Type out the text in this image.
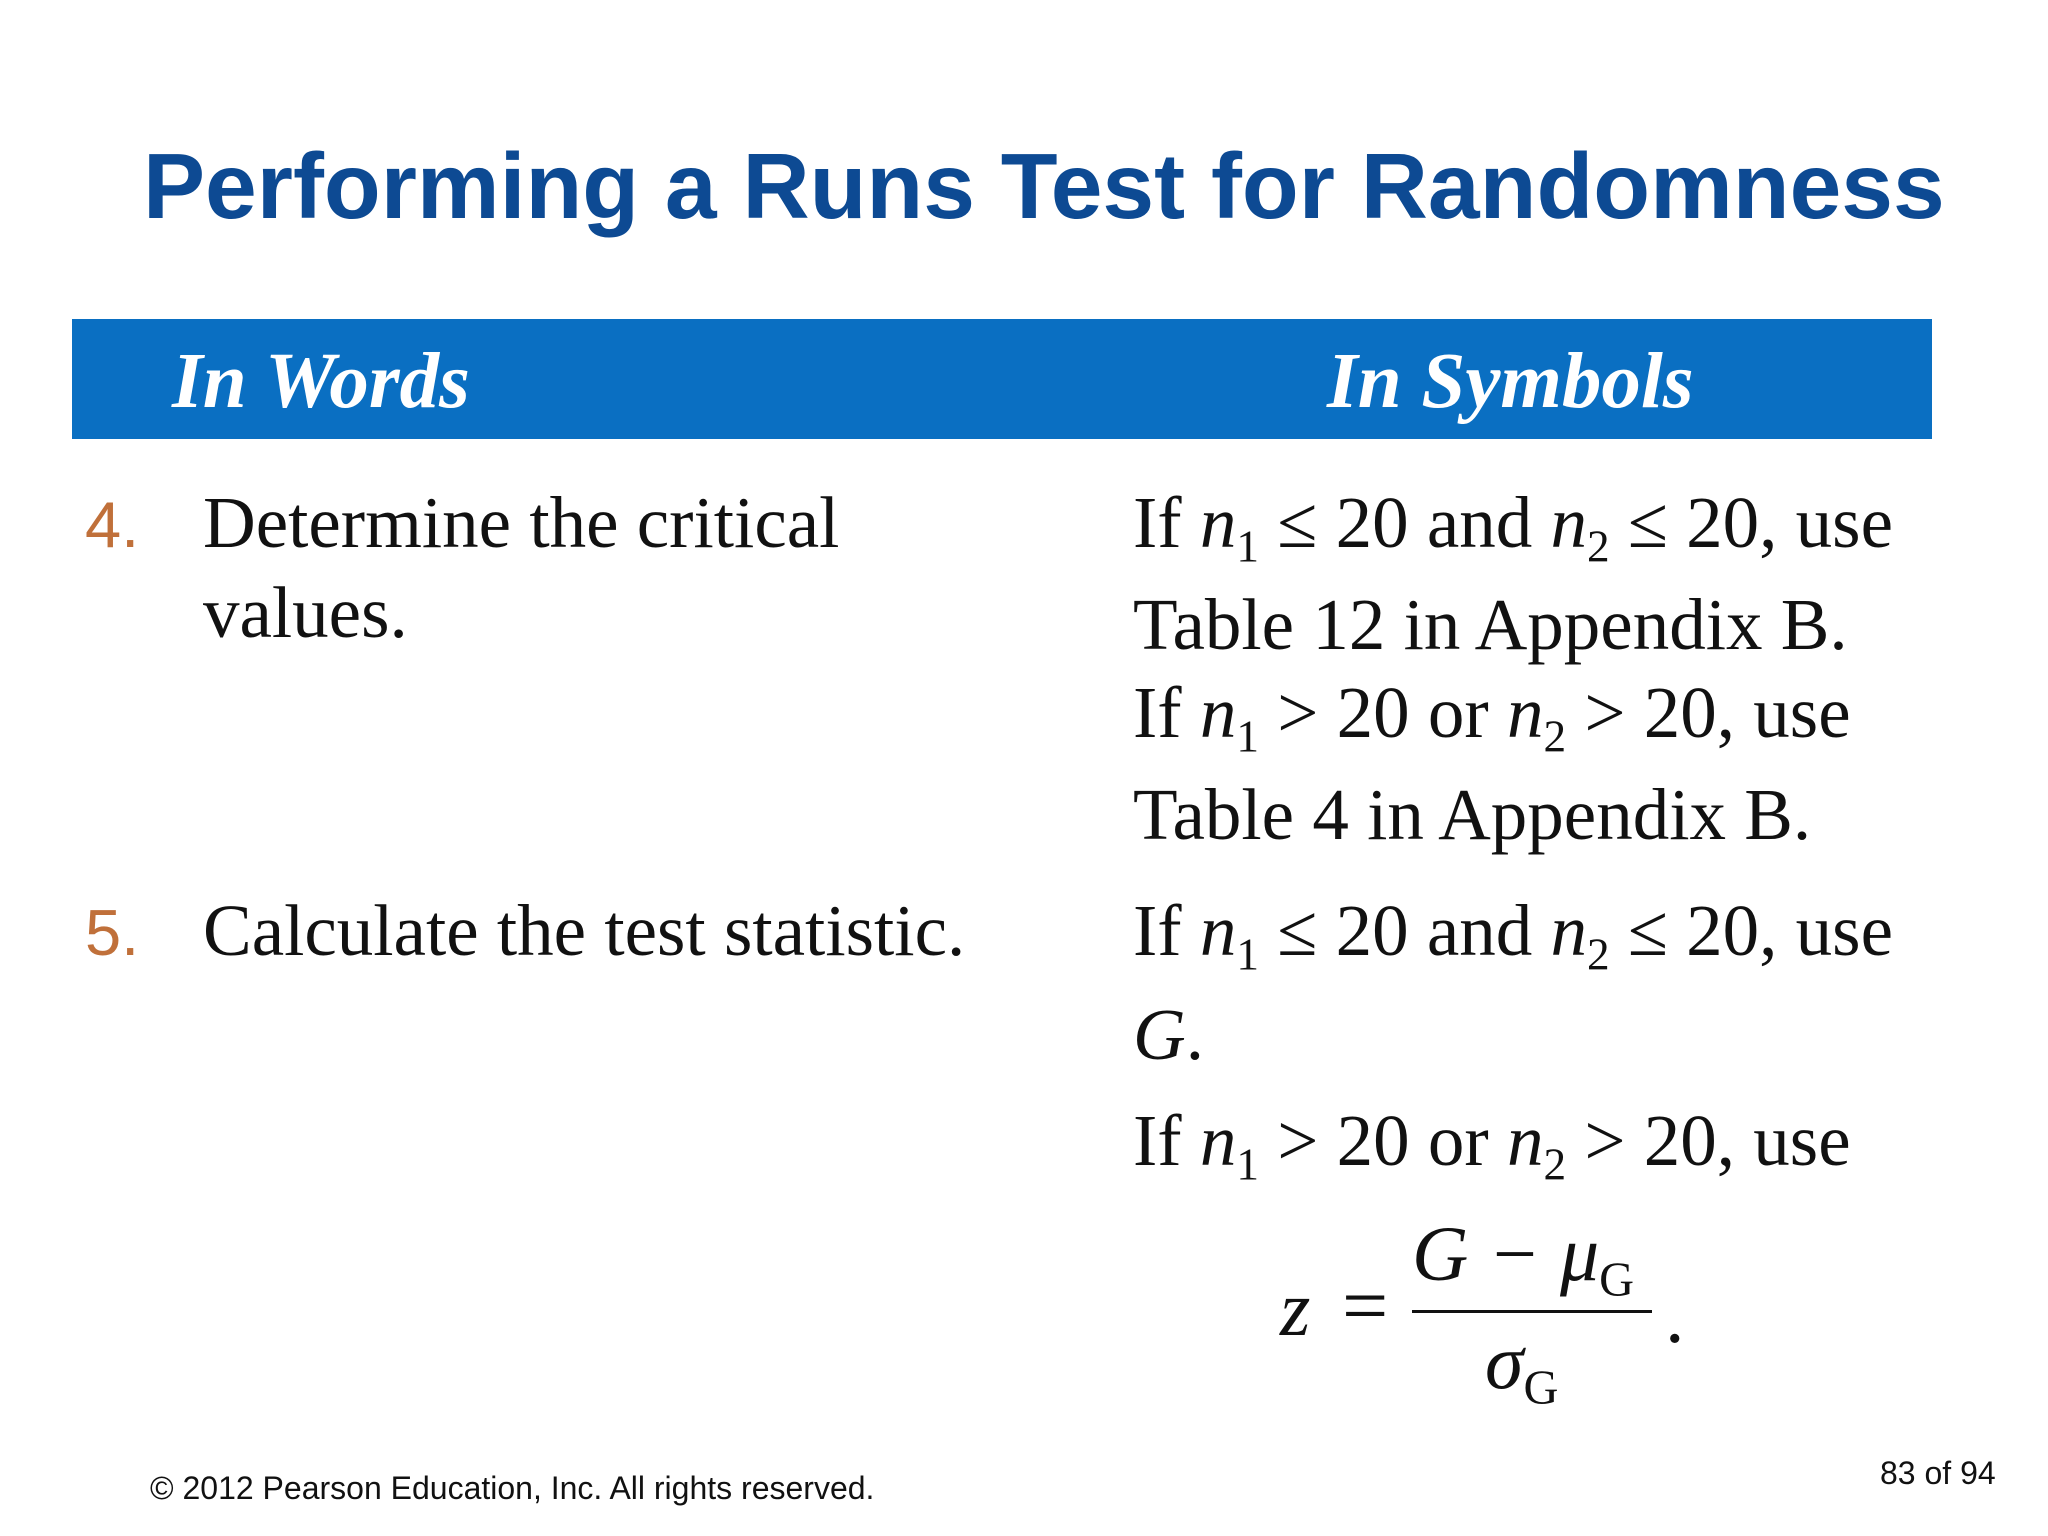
Performing a Runs Test for Randomness
In Words	In Symbols
4. Determine the critical
values.
If $n_1 \le 20$ and $n_2 \le 20$, use
Table 12 in Appendix B.
If $n_1 > 20$ or $n_2 > 20$, use
Table 4 in Appendix B.
5. Calculate the test statistic. If $n_1 \le 20$ and $n_2 \le 20$, use
G.
If $n_1 > 20$ or $n_2 > 20$, use
z =
$G - \mu_G$
$\sigma_G$
.
© 2012 Pearson Education, Inc. All rights reserved.	83 of 94
